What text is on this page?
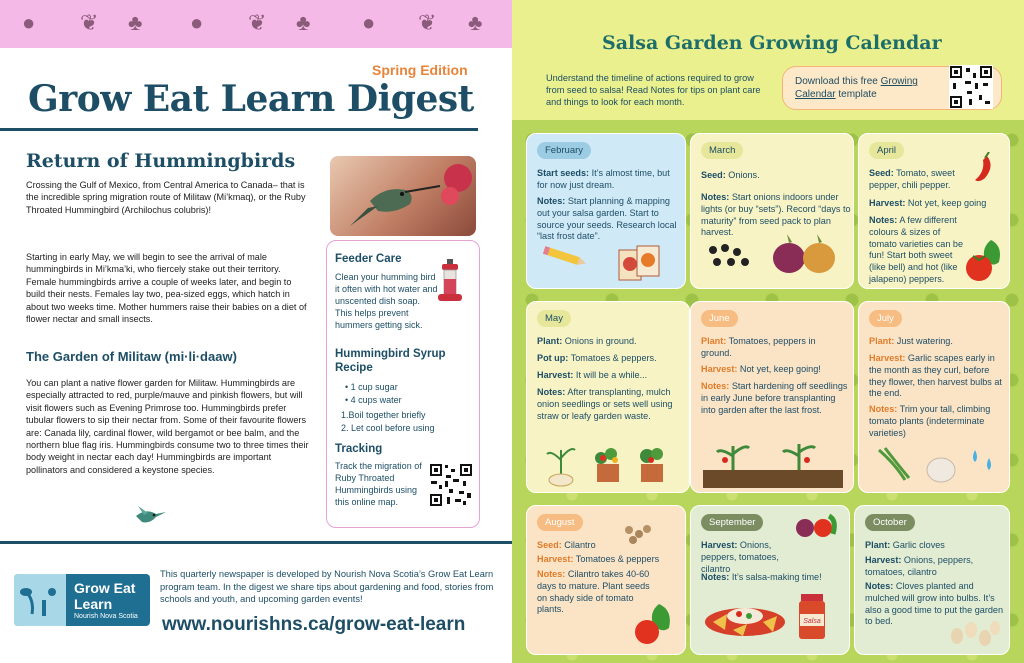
● ❦ ♣ ● ❦ ♣ ● ❦ ♣
Spring Edition
Grow Eat Learn Digest
Return of Hummingbirds
Crossing the Gulf of Mexico, from Central America to Canada– that is the incredible spring migration route of Militaw (Mi’kmaq), or the Ruby Throated Hummingbird (Archilochus colubris)!
Starting in early May, we will begin to see the arrival of male hummingbirds in Mi’kma’ki, who fiercely stake out their territory. Female hummingbirds arrive a couple of weeks later, and begin to build their nests. Females lay two, pea-sized eggs, which hatch in about two weeks time. Mother hummers raise their babies on a diet of flower nectar and small insects.
The Garden of Militaw (mi·li·daaw)
You can plant a native flower garden for Militaw. Hummingbirds are especially attracted to red, purple/mauve and pinkish flowers, but will visit flowers such as Evening Primrose too. Hummingbirds prefer tubular flowers to sip their nectar from. Some of their favourite flowers are: Canada lily, cardinal flower, wild bergamot or bee balm, and the northern blue flag iris. Hummingbirds consume two to three times their body weight in nectar each day! Hummingbirds are important pollinators and considered a keystone species.
Feeder Care
Clean your humming bird it often with hot water and unscented dish soap. This helps prevent hummers getting sick.
Hummingbird Syrup Recipe
• 1 cup sugar
• 4 cups water
1.Boil together briefly
2. Let cool before using
Tracking
Track the migration of Ruby Throated Hummingbirds using this online map.
Grow Eat
Learn
Nourish Nova Scotia
This quarterly newspaper is developed by Nourish Nova Scotia’s Grow Eat Learn program team. In the digest we share tips about gardening and food, stories from schools and youth, and upcoming garden events!
www.nourishns.ca/grow-eat-learn
Salsa Garden Growing Calendar
Understand the timeline of actions required to grow from seed to salsa! Read Notes for tips on plant care and things to look for each month.
Download this free Growing Calendar template
February
Start seeds: It’s almost time, but for now just dream.
Notes: Start planning & mapping out your salsa garden. Start to source your seeds. Research local “last frost date”.
March
Seed: Onions.
Notes: Start onions indoors under lights (or buy “sets”). Record “days to maturity” from seed pack to plan harvest.
April
Seed: Tomato, sweet pepper, chili pepper.
Harvest: Not yet, keep going
Notes: A few different colours & sizes of tomato varieties can be fun! Start both sweet (like bell) and hot (like jalapeno) peppers.
May
Plant: Onions in ground.
Pot up: Tomatoes & peppers.
Harvest: It will be a while...
Notes: After transplanting, mulch onion seedlings or sets well using straw or leafy garden waste.
June
Plant: Tomatoes, peppers in ground.
Harvest: Not yet, keep going!
Notes: Start hardening off seedlings in early June before transplanting into garden after the last frost.
July
Plant: Just watering.
Harvest: Garlic scapes early in the month as they curl, before they flower, then harvest bulbs at the end.
Notes: Trim your tall, climbing tomato plants (indeterminate varieties)
August
Seed: Cilantro
Harvest: Tomatoes & peppers
Notes: Cilantro takes 40-60 days to mature. Plant seeds on shady side of tomato plants.
September
Harvest: Onions, peppers, tomatoes, cilantro
Notes: It’s salsa-making time!
Salsa
October
Plant: Garlic cloves
Harvest: Onions, peppers, tomatoes, cilantro
Notes: Cloves planted and mulched will grow into bulbs. It’s also a good time to put the garden to bed.
